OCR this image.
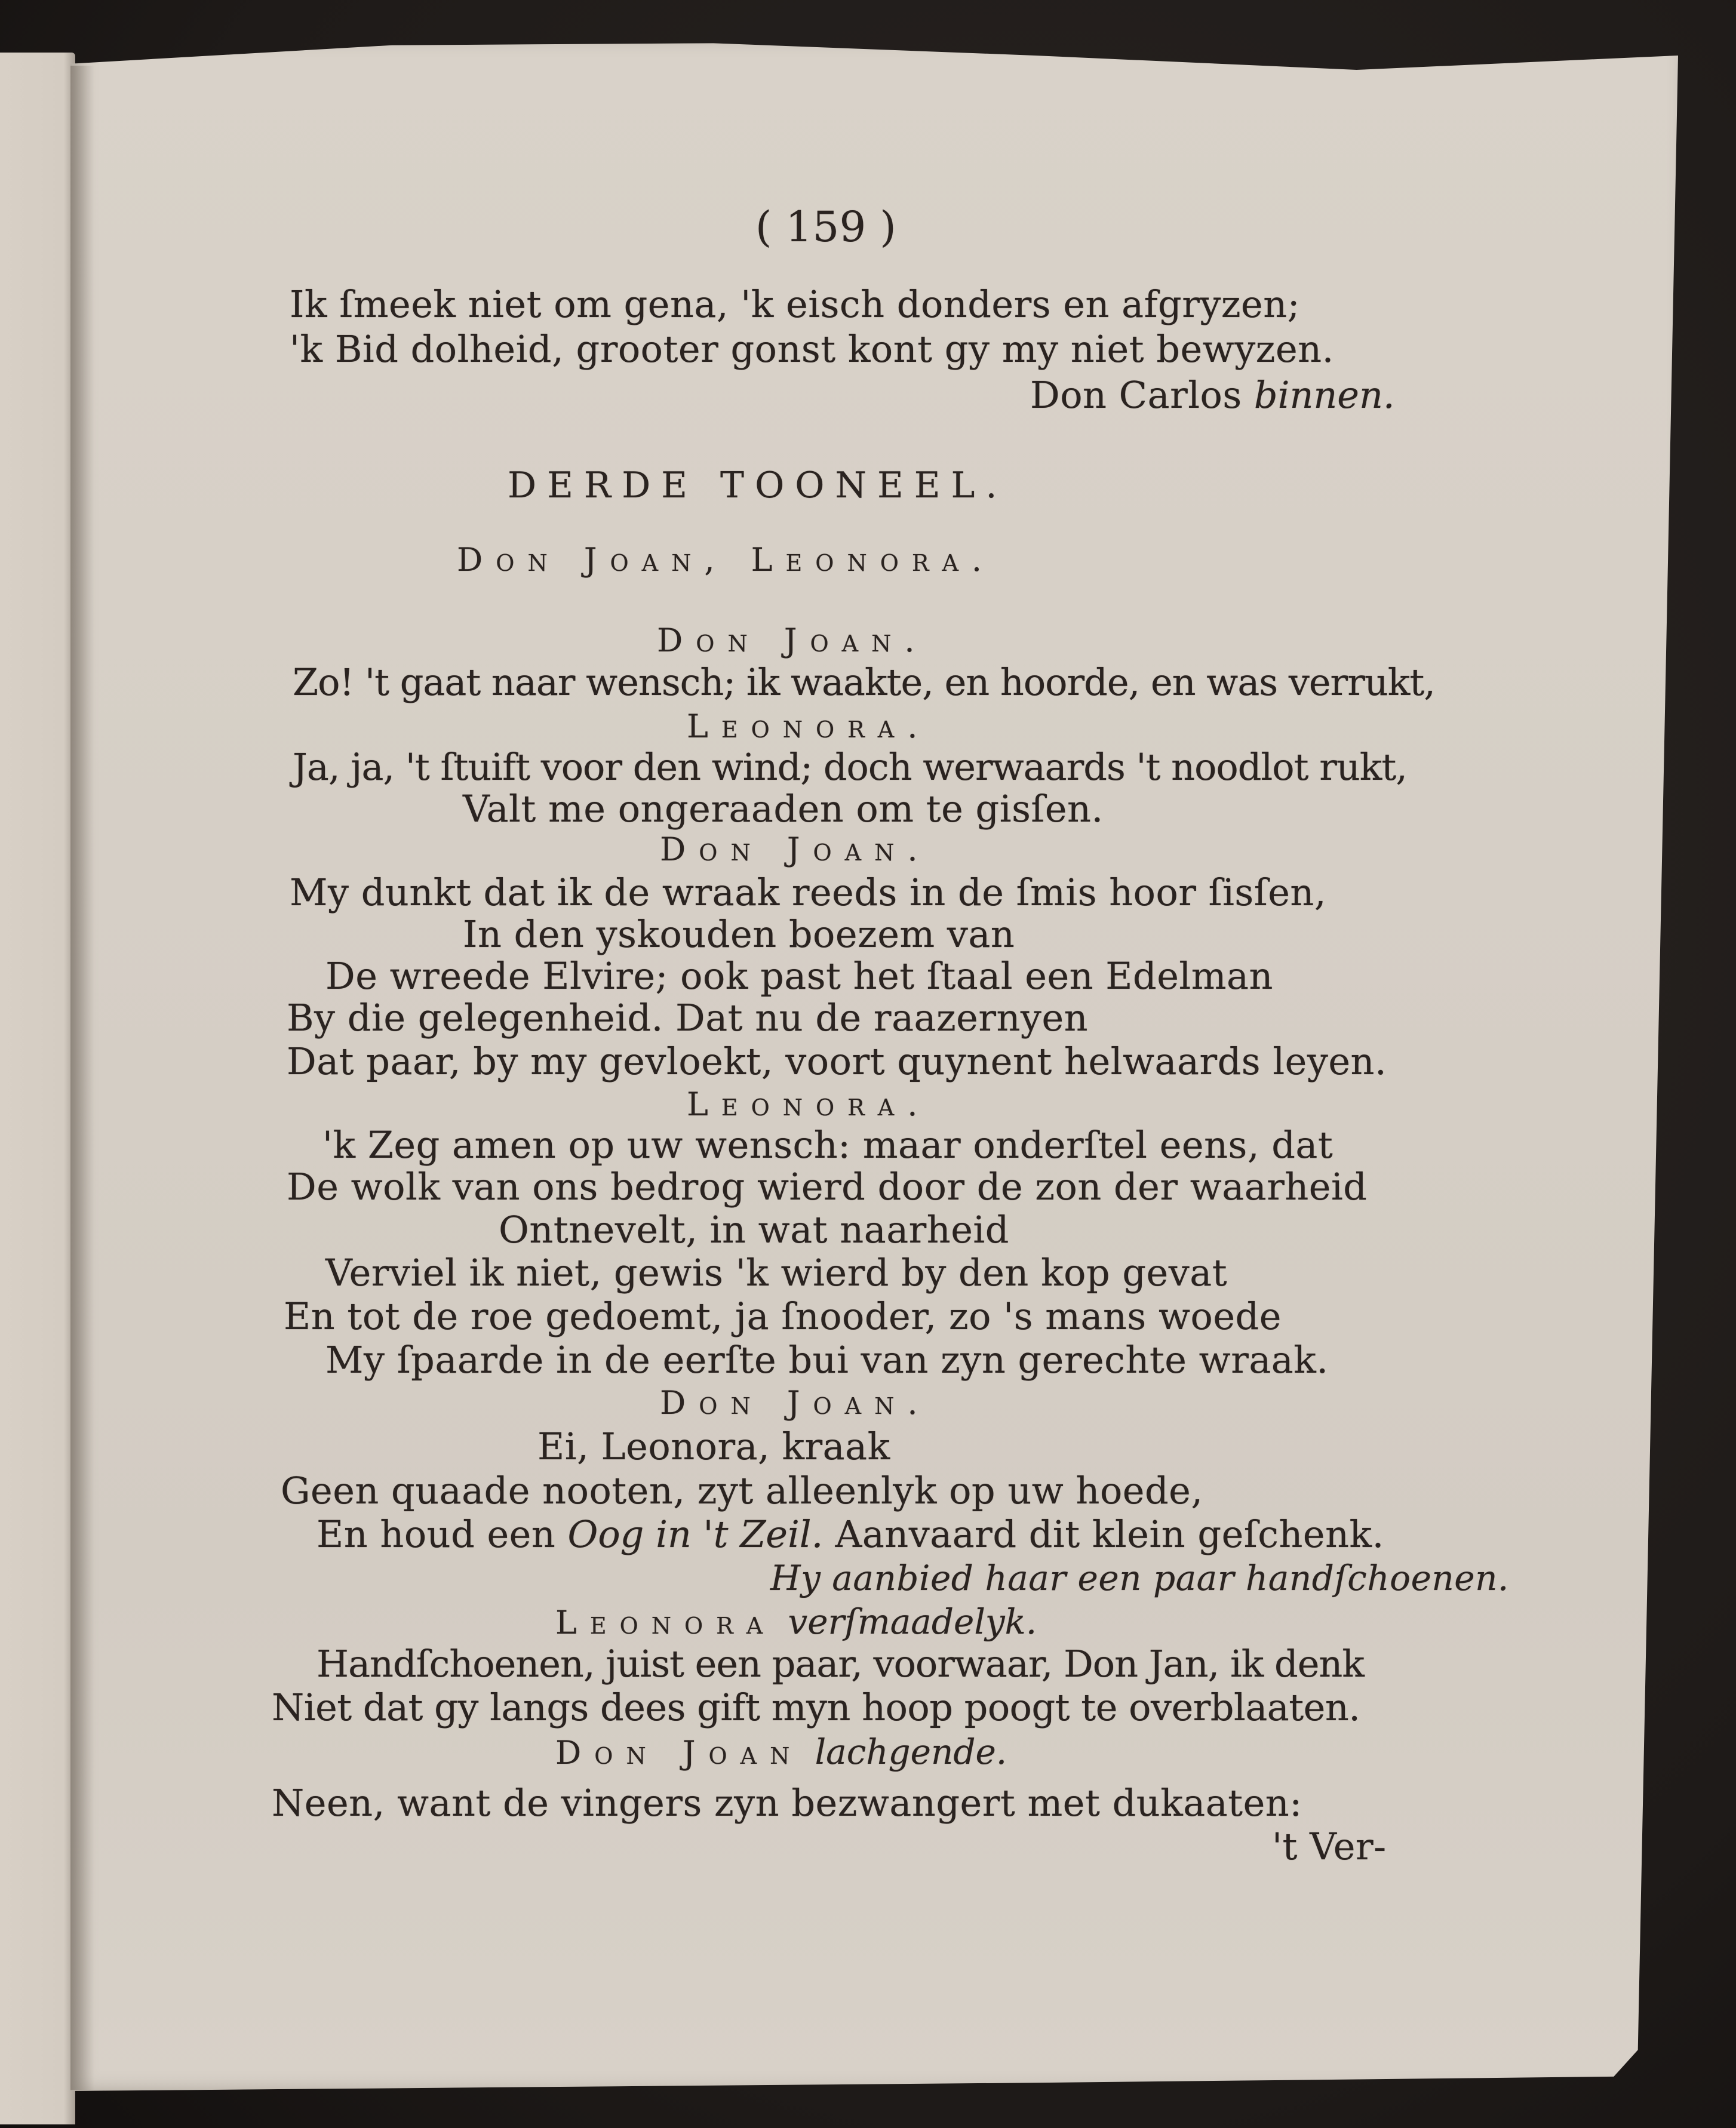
( 159 )
Ik ſmeek niet om gena, 'k eisch donders en afgryzen;
'k Bid dolheid, grooter gonst kont gy my niet bewyzen.
Don Carlos binnen.
DERDE TOONEEL.
Don Joan, Leonora.
Don Joan.
Zo! 't gaat naar wensch; ik waakte, en hoorde, en was verrukt,
Leonora.
Ja, ja, 't ſtuift voor den wind; doch werwaards 't noodlot rukt,
Valt me ongeraaden om te gisſen.
Don Joan.
My dunkt dat ik de wraak reeds in de ſmis hoor ſisſen,
In den yskouden boezem van
De wreede Elvire; ook past het ſtaal een Edelman
By die gelegenheid. Dat nu de raazernyen
Dat paar, by my gevloekt, voort quynent helwaards leyen.
Leonora.
'k Zeg amen op uw wensch: maar onderſtel eens, dat
De wolk van ons bedrog wierd door de zon der waarheid
Ontnevelt, in wat naarheid
Verviel ik niet, gewis 'k wierd by den kop gevat
En tot de roe gedoemt, ja ſnooder, zo 's mans woede
My ſpaarde in de eerſte bui van zyn gerechte wraak.
Don Joan.
Ei, Leonora, kraak
Geen quaade nooten, zyt alleenlyk op uw hoede,
En houd een Oog in 't Zeil. Aanvaard dit klein geſchenk.
Hy aanbied haar een paar handſchoenen.
Leonora verſmaadelyk.
Handſchoenen, juist een paar, voorwaar, Don Jan, ik denk
Niet dat gy langs dees gift myn hoop poogt te overblaaten.
Don Joan lachgende.
Neen, want de vingers zyn bezwangert met dukaaten:
't Ver-
